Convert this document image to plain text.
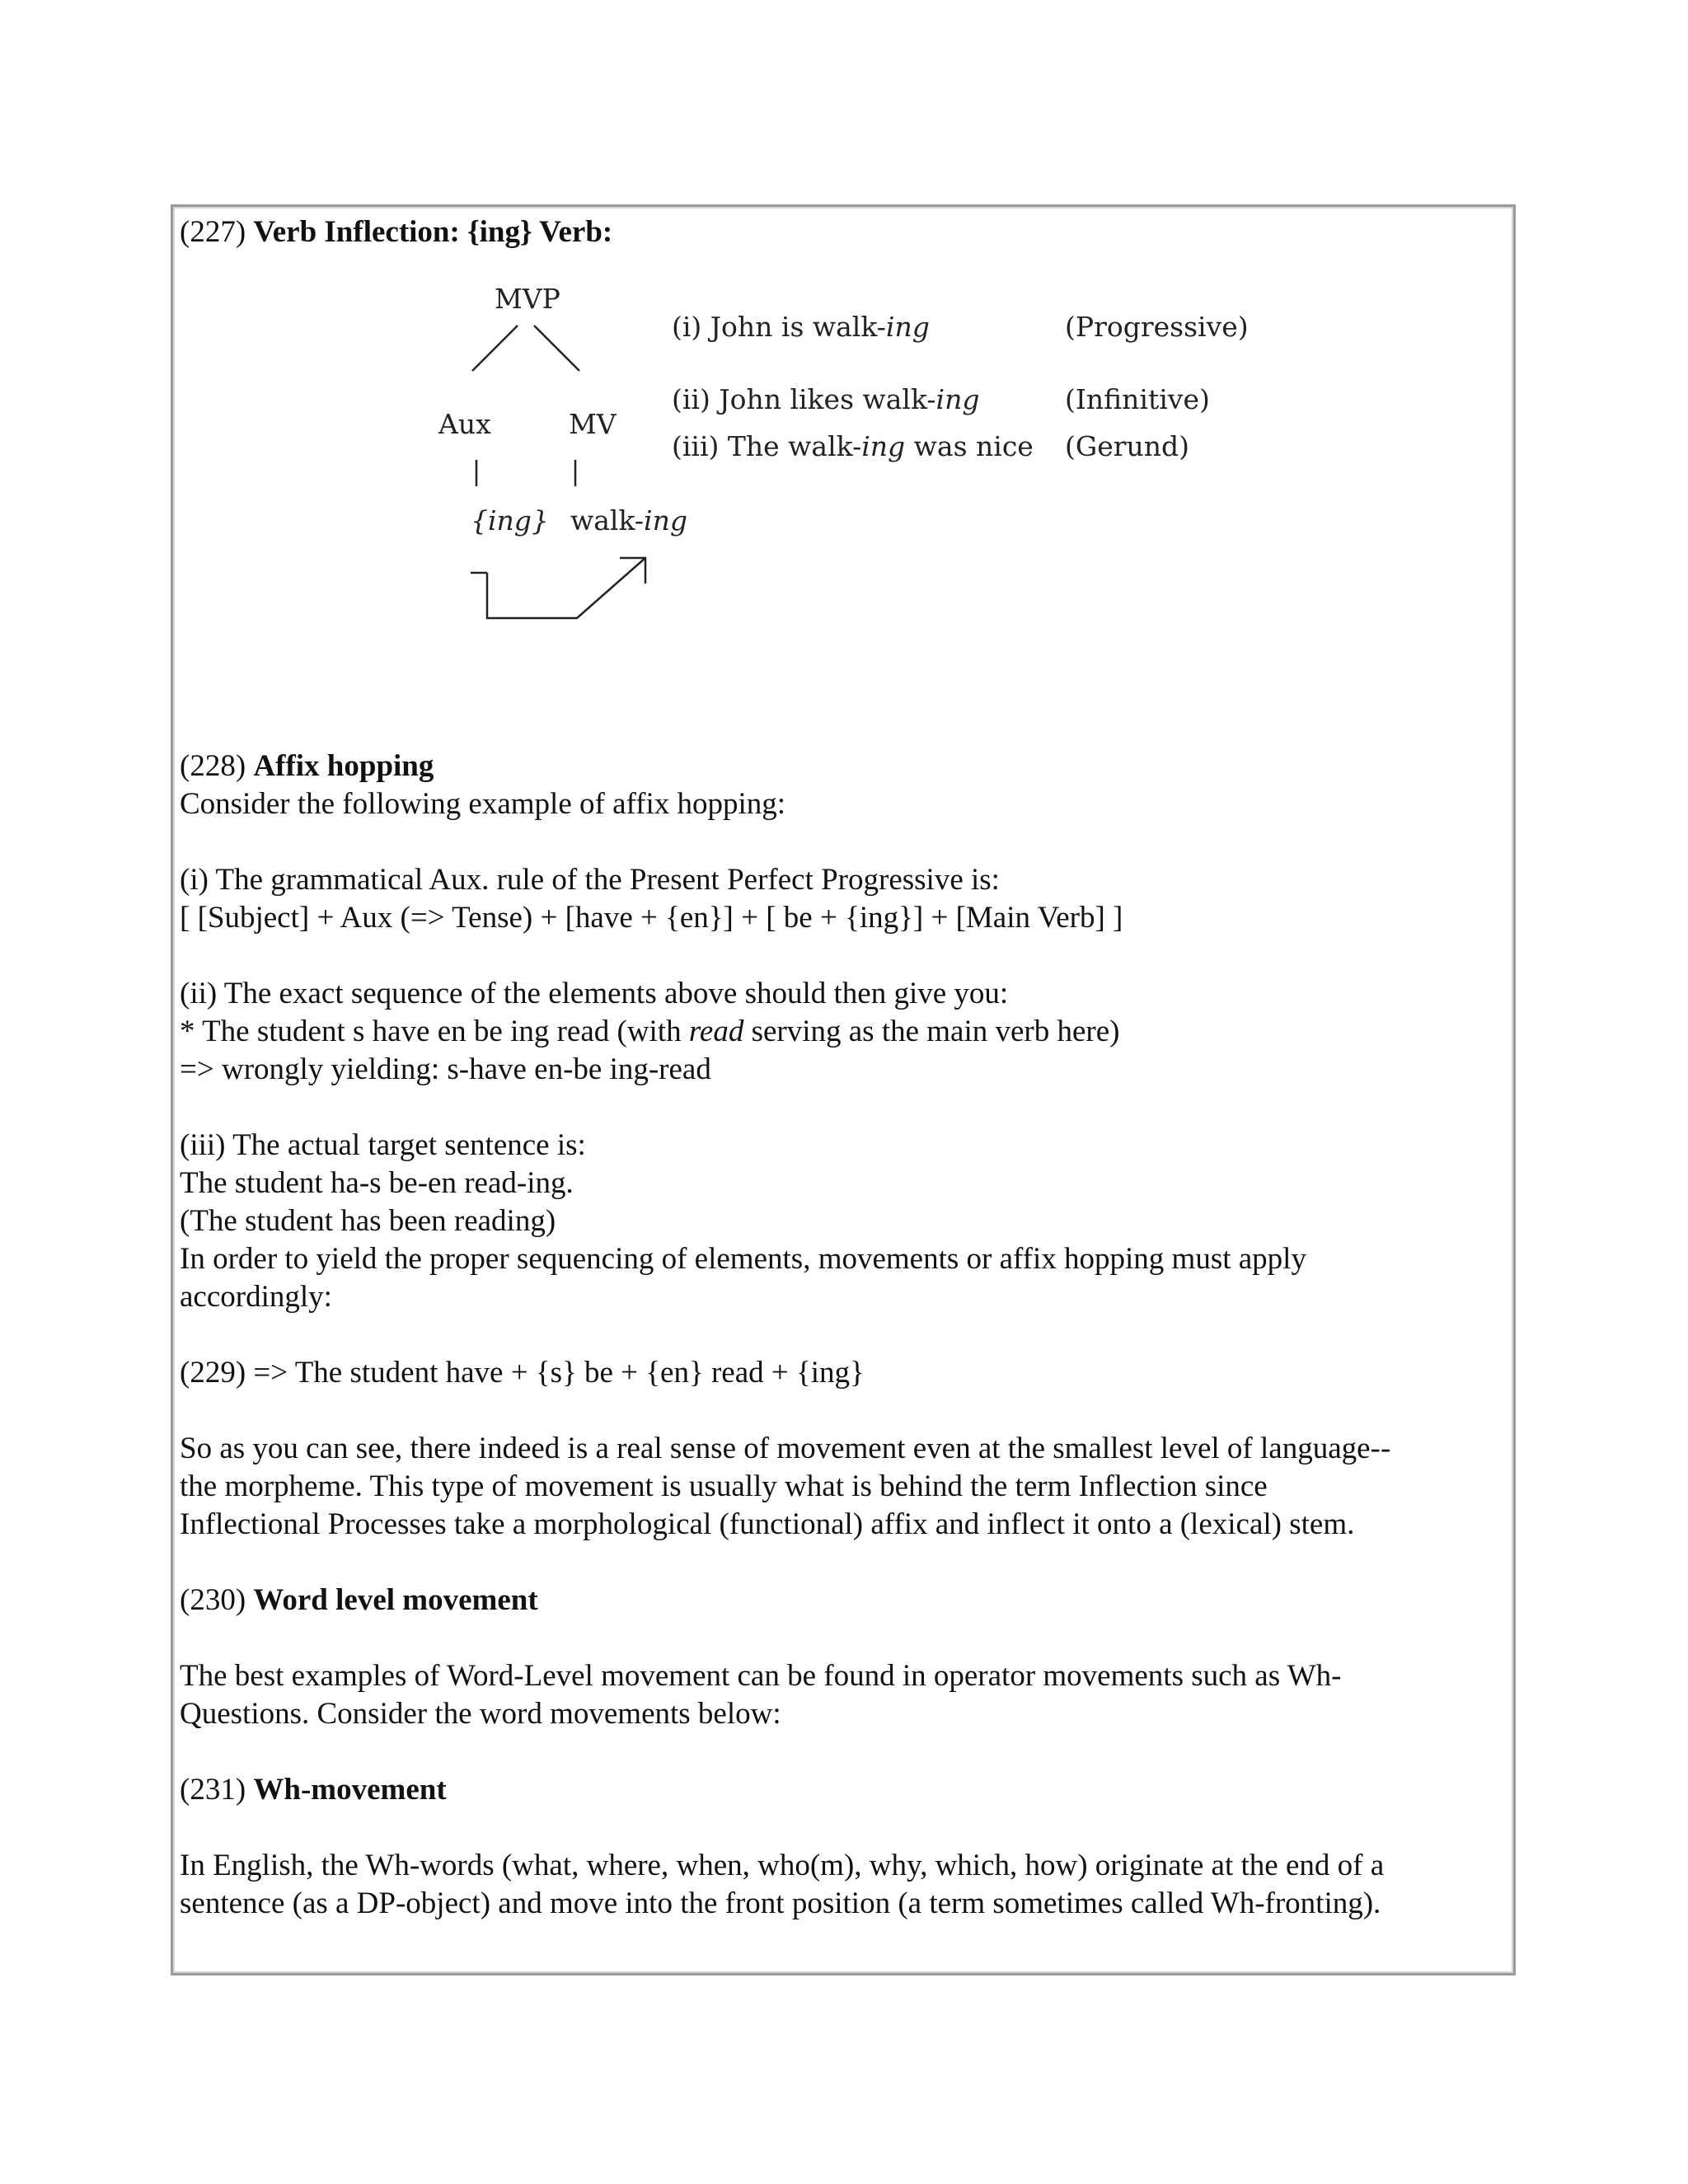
(227) Verb Inflection: {ing} Verb:

MVP
Aux	MV
{ing} walk-ing
(i) John is walk-ing	(Progressive)
(ii) John likes walk-ing	(Infinitive)
(iii) The walk-ing was nice (Gerund)

(228) Affix hopping

Consider the following example of affix hopping:

(i) The grammatical Aux. rule of the Present Perfect Progressive is:

[ [Subject] + Aux (=> Tense) + [have + {en}] + [ be + {ing}] + [Main Verb] ]

(ii) The exact sequence of the elements above should then give you:

* The student s have en be ing read (with read serving as the main verb here)

=> wrongly yielding: s-have en-be ing-read

(iii) The actual target sentence is:

The student ha-s be-en read-ing.

(The student has been reading)

In order to yield the proper sequencing of elements, movements or affix hopping must apply

accordingly:

(229) => The student have + {s} be + {en} read + {ing}

So as you can see, there indeed is a real sense of movement even at the smallest level of language--

the morpheme. This type of movement is usually what is behind the term Inflection since

Inflectional Processes take a morphological (functional) affix and inflect it onto a (lexical) stem.

(230) Word level movement

The best examples of Word-Level movement can be found in operator movements such as Wh-

Questions. Consider the word movements below:

(231) Wh-movement

In English, the Wh-words (what, where, when, who(m), why, which, how) originate at the end of a

sentence (as a DP-object) and move into the front position (a term sometimes called Wh-fronting).
